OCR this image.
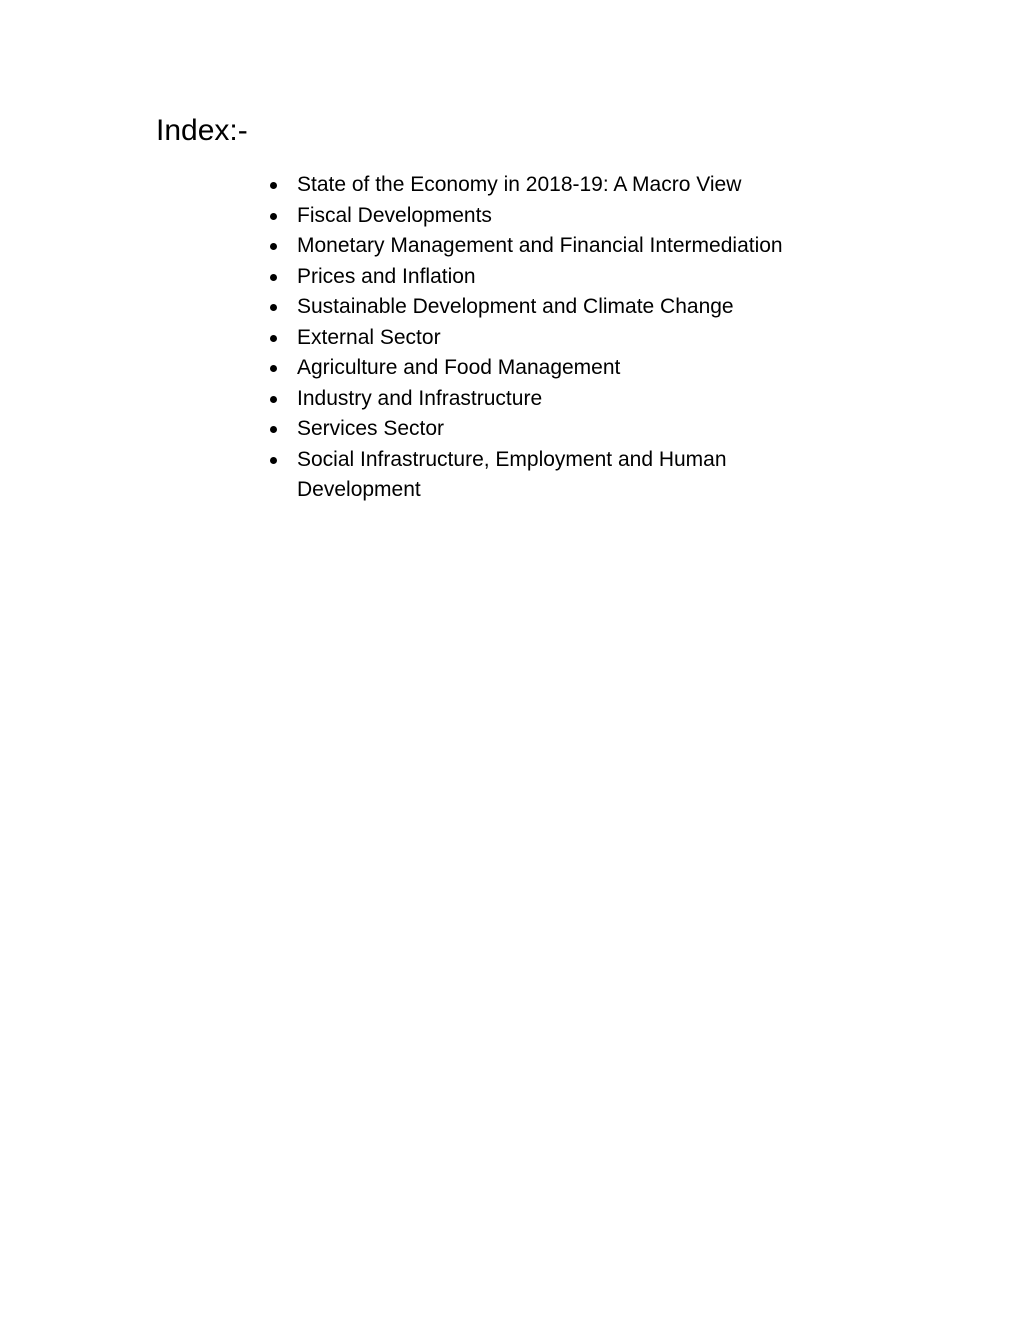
Index:-
State of the Economy in 2018-19: A Macro View
Fiscal Developments
Monetary Management and Financial Intermediation
Prices and Inflation
Sustainable Development and Climate Change
External Sector
Agriculture and Food Management
Industry and Infrastructure
Services Sector
Social Infrastructure, Employment and Human Development
